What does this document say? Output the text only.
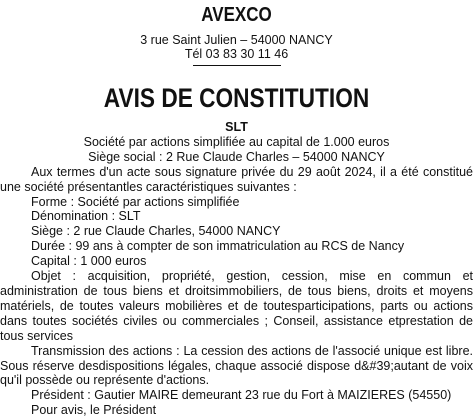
AVEXCO
3 rue Saint Julien – 54000 NANCY
Tél 03 83 30 11 46
AVIS DE CONSTITUTION

SLT

Société par actions simplifiée au capital de 1.000 euros

Siège social : 2 Rue Claude Charles – 54000 NANCY

Aux termes d'un acte sous signature privée du 29 août 2024, il a été constitué une société présentantles caractéristiques suivantes :

Forme : Société par actions simplifiée

Dénomination : SLT

Siège : 2 rue Claude Charles, 54000 NANCY

Durée : 99 ans à compter de son immatriculation au RCS de Nancy

Capital : 1 000 euros

Objet : acquisition, propriété, gestion, cession, mise en commun et administration de tous biens et droitsimmobiliers, de tous biens, droits et moyens matériels, de toutes valeurs mobilières et de toutesparticipations, parts ou actions dans toutes sociétés civiles ou commerciales ; Conseil, assistance etprestation de tous services

Transmission des actions : La cession des actions de l'associé unique est libre. Sous réserve desdispositions légales, chaque associé dispose d&#39;autant de voix qu'il possède ou représente d'actions.

Président : Gautier MAIRE demeurant 23 rue du Fort à MAIZIERES (54550)

Pour avis, le Président
